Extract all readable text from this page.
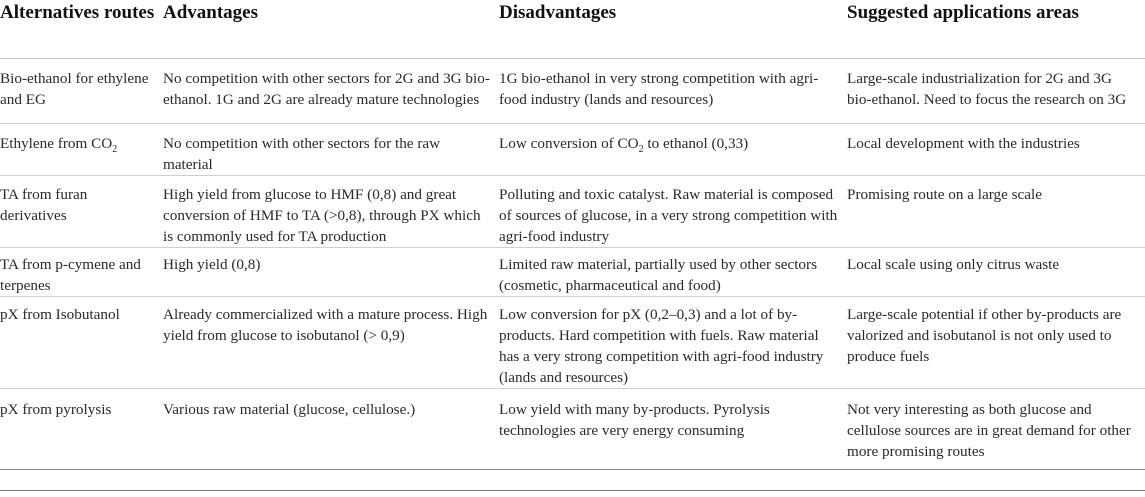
Alternatives routes	Advantages	Disadvantages	Suggested applications areas
Bio-ethanol for ethylene and EG	No competition with other sectors for 2G and 3G bio-ethanol. 1G and 2G are already mature technologies	1G bio-ethanol in very strong competition with agri-food industry (lands and resources)	Large-scale industrialization for 2G and 3G bio-ethanol. Need to focus the research on 3G
Ethylene from $CO_2$	No competition with other sectors for the raw material	Low conversion of $CO_2$ to ethanol (0,33)	Local development with the industries
TA from furan derivatives	High yield from glucose to HMF (0,8) and great conversion of HMF to TA (>0,8), through PX which is commonly used for TA production	Polluting and toxic catalyst. Raw material is composed of sources of glucose, in a very strong competition with agri-food industry	Promising route on a large scale
TA from p-cymene and terpenes	High yield (0,8)	Limited raw material, partially used by other sectors (cosmetic, pharmaceutical and food)	Local scale using only citrus waste
pX from Isobutanol	Already commercialized with a mature process. High yield from glucose to isobutanol (> 0,9)	Low conversion for pX (0,2–0,3) and a lot of by-products. Hard competition with fuels. Raw material has a very strong competition with agri-food industry (lands and resources)	Large-scale potential if other by-products are valorized and isobutanol is not only used to produce fuels
pX from pyrolysis	Various raw material (glucose, cellulose.)	Low yield with many by-products. Pyrolysis technologies are very energy consuming	Not very interesting as both glucose and cellulose sources are in great demand for other more promising routes
